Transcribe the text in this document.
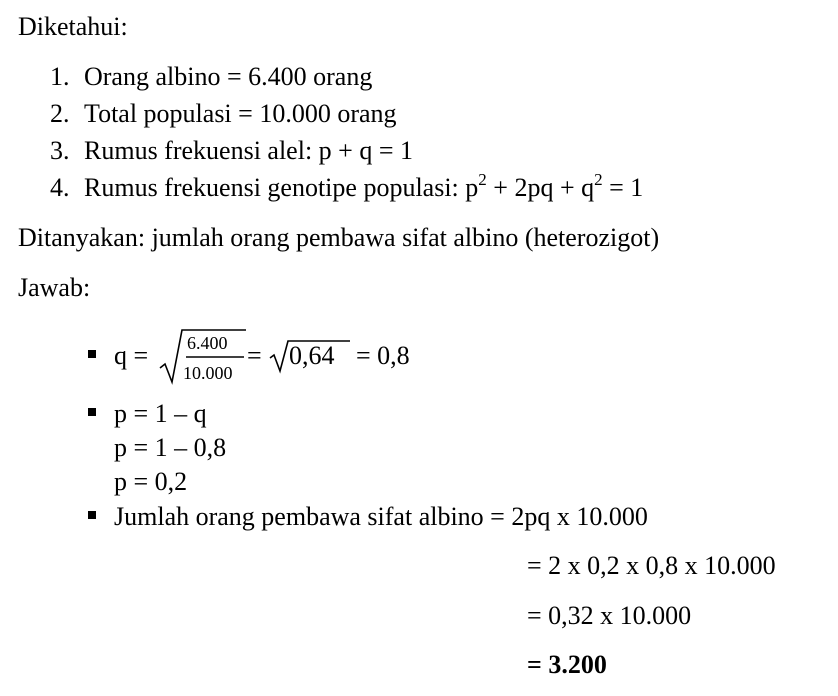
Diketahui:
1. Orang albino = 6.400 orang
2. Total populasi = 10.000 orang
3. Rumus frekuensi alel: p + q = 1
4. Rumus frekuensi genotipe populasi: $p^2 + 2pq + q^2 = 1$
Ditanyakan: jumlah orang pembawa sifat albino (heterozigot)
Jawab:
q = 6.400
10.000
= 0,64 = 0,8
p = 1 – q
p = 1 – 0,8
p = 0,2
Jumlah orang pembawa sifat albino = 2pq x 10.000
= 2 x 0,2 x 0,8 x 10.000
= 0,32 x 10.000
= 3.200
